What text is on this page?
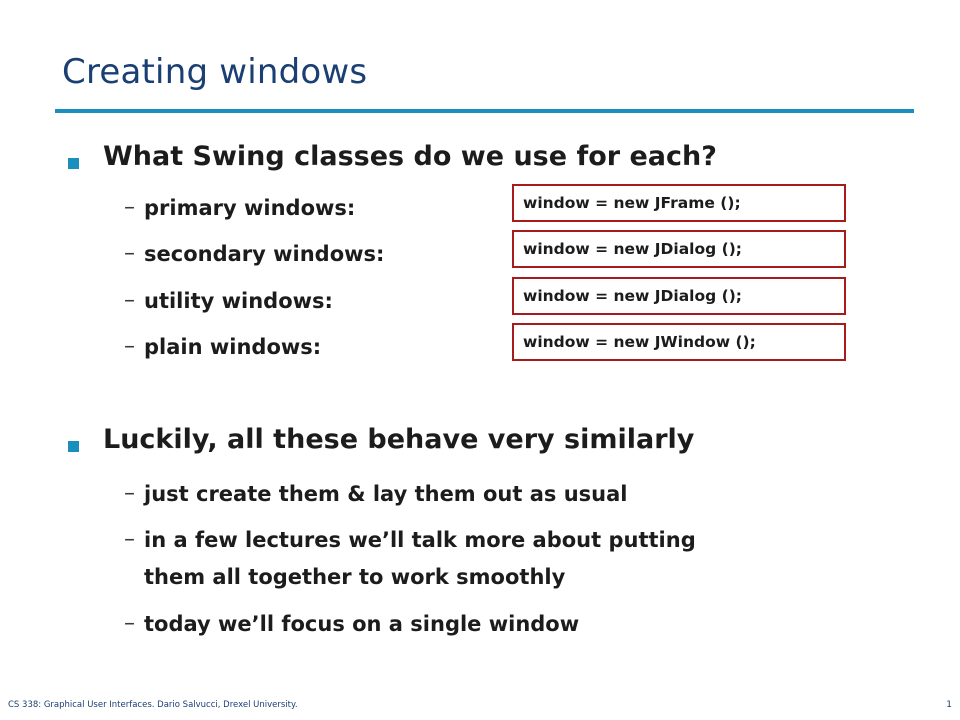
Creating windows
What Swing classes do we use for each?
– primary windows:
– secondary windows:
– utility windows:
– plain windows:
window = new JFrame ();
window = new JDialog ();
window = new JDialog ();
window = new JWindow ();
Luckily, all these behave very similarly
– just create them & lay them out as usual
– in a few lectures we’ll talk more about putting
them all together to work smoothly
– today we’ll focus on a single window
CS 338: Graphical User Interfaces. Dario Salvucci, Drexel University.	1
